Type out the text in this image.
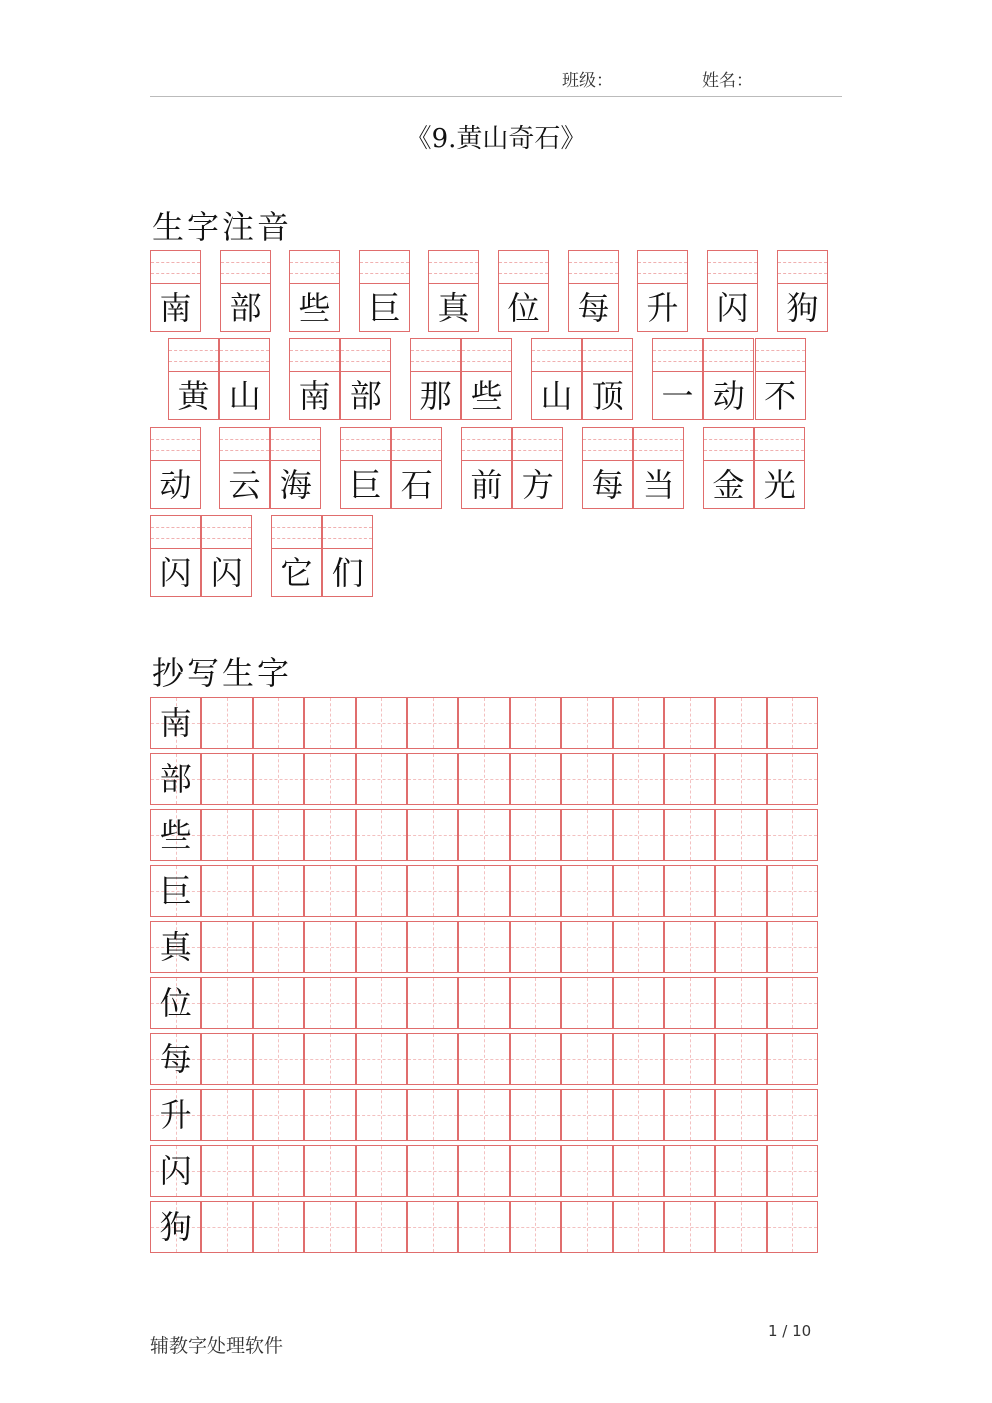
班级：	姓名：
《9.黄山奇石》
生字注音
南 部 些 巨 真 位 每 升 闪 狗
黄 山 南 部 那 些 山 顶 一 动 不
动 云 海 巨 石 前 方 每 当 金 光
闪 闪 它 们
抄写生字
南
部
些
巨
真
位
每
升
闪
狗
辅教字处理软件
1 / 10
